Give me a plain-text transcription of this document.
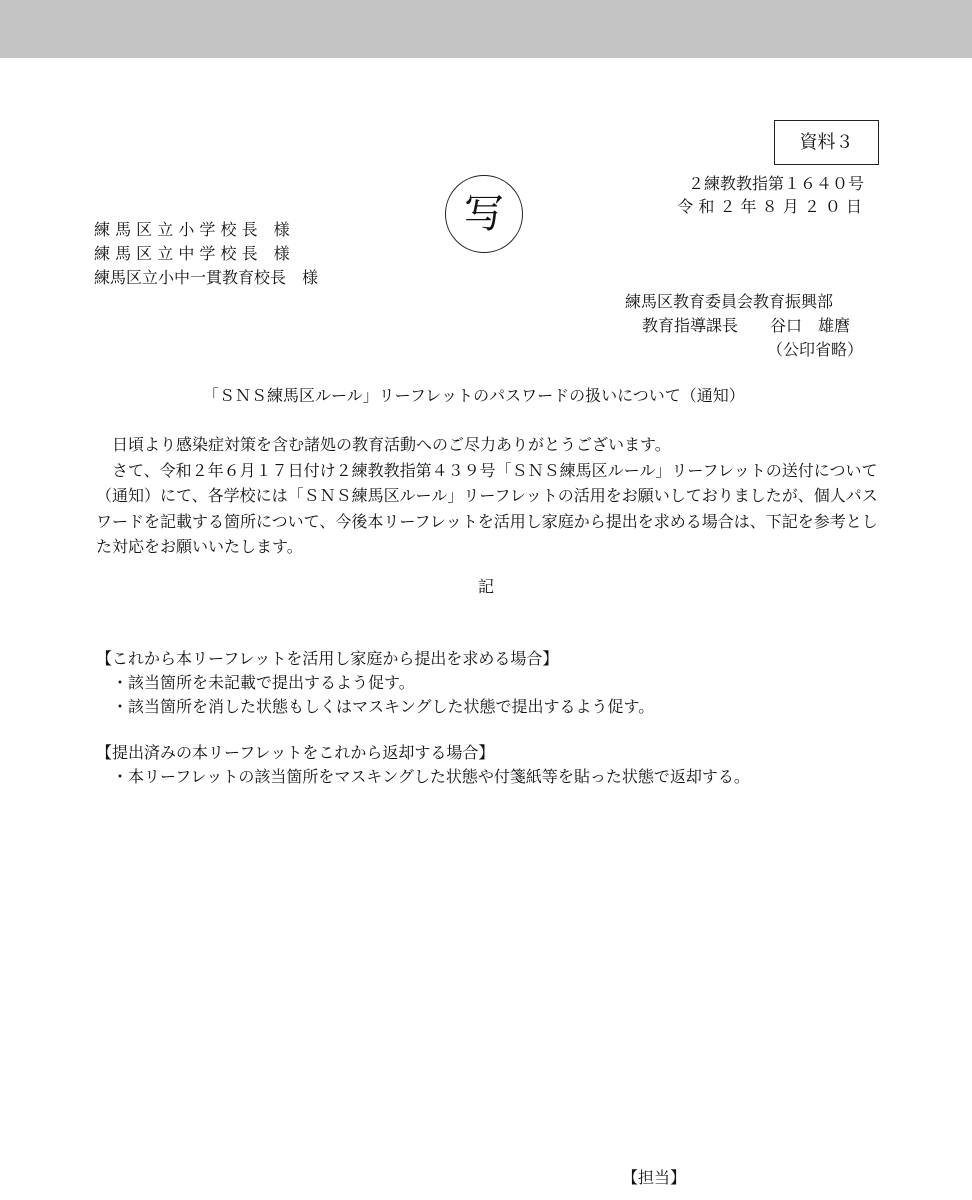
資料３
写
２練教教指第１６４０号
令 和 ２ 年 ８ 月 ２ ０ 日
練 馬 区 立 小 学 校 長　様
練 馬 区 立 中 学 校 長　様
練馬区立小中一貫教育校長　様
練馬区教育委員会教育振興部
教育指導課長　　谷口　雄麿
（公印省略）
「ＳＮＳ練馬区ルール」リーフレットのパスワードの扱いについて（通知）

　日頃より感染症対策を含む諸処の教育活動へのご尽力ありがとうございます。

　さて、令和２年６月１７日付け２練教教指第４３９号「ＳＮＳ練馬区ルール」リーフレットの送付について（通知）にて、各学校には「ＳＮＳ練馬区ルール」リーフレットの活用をお願いしておりましたが、個人パスワードを記載する箇所について、今後本リーフレットを活用し家庭から提出を求める場合は、下記を参考とした対応をお願いいたします。

記
【これから本リーフレットを活用し家庭から提出を求める場合】
・該当箇所を未記載で提出するよう促す。
・該当箇所を消した状態もしくはマスキングした状態で提出するよう促す。
【提出済みの本リーフレットをこれから返却する場合】
・本リーフレットの該当箇所をマスキングした状態や付箋紙等を貼った状態で返却する。
【担当】
